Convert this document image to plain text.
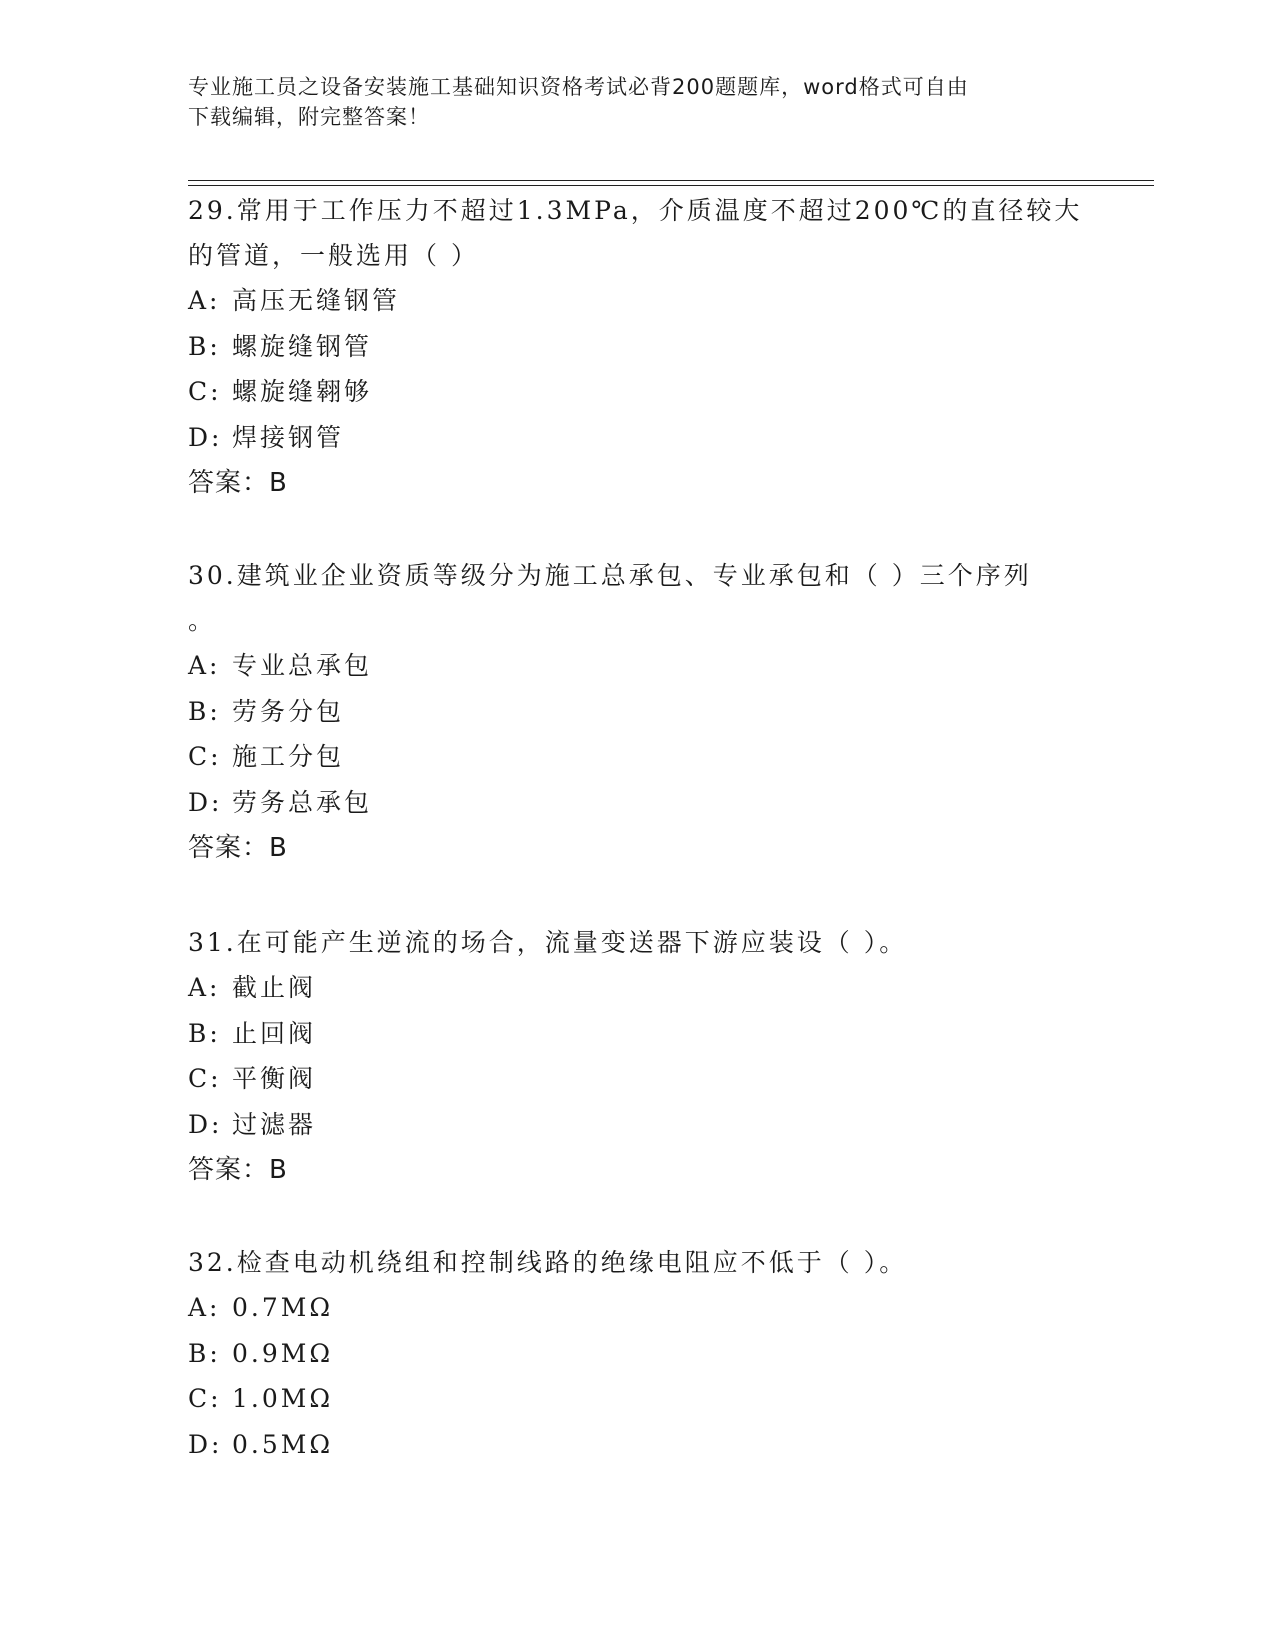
专业施工员之设备安装施工基础知识资格考试必背200题题库，word格式可自由
下载编辑，附完整答案！

29.常用于工作压力不超过1.3MPa，介质温度不超过200℃的直径较大

的管道，一般选用（ ）

A: 高压无缝钢管

B: 螺旋缝钢管

C: 螺旋缝翱够

D: 焊接钢管

答案：B

30.建筑业企业资质等级分为施工总承包、专业承包和（ ）三个序列

。

A: 专业总承包

B: 劳务分包

C: 施工分包

D: 劳务总承包

答案：B

31.在可能产生逆流的场合，流量变送器下游应装设（ ）。

A: 截止阀

B: 止回阀

C: 平衡阀

D: 过滤器

答案：B

32.检查电动机绕组和控制线路的绝缘电阻应不低于（ ）。

A: 0.7MΩ

B: 0.9MΩ

C: 1.0MΩ

D: 0.5MΩ
